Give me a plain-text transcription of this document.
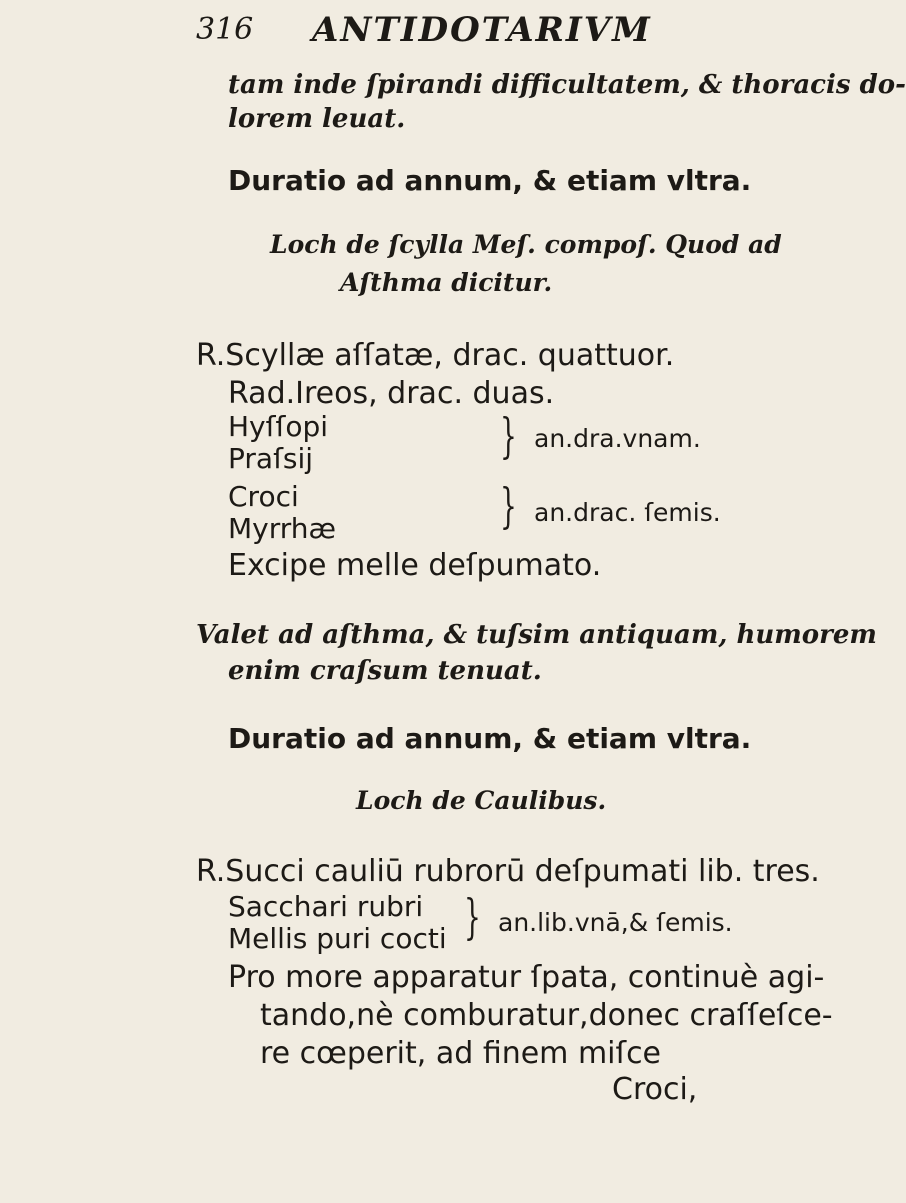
316 ANTIDOTARIVM
tam inde ſpirandi difficultatem, & thoracis do-
lorem leuat.
Duratio ad annum, & etiam vltra.
Loch de ſcylla Meſ. compoſ. Quod ad
Aſthma dicitur.
R.Scyllæ aſſatæ, drac. quattuor.
Rad.Ireos, drac. duas.
Hyſſopi
Praſsij	} an.dra.vnam.
Croci
Myrrhæ	} an.drac. ſemis.
Excipe melle deſpumato.
Valet ad aſthma, & tuſsim antiquam, humorem
enim craſsum tenuat.
Duratio ad annum, & etiam vltra.
Loch de Caulibus.
R.Succi cauliū rubrorū deſpumati lib. tres.
Sacchari rubri
Mellis puri cocti } an.lib.vnā,& ſemis.
Pro more apparatur ſpata, continuè agi-
tando,nè comburatur,donec craſſeſce-
re cœperit, ad finem miſce
Croci,
